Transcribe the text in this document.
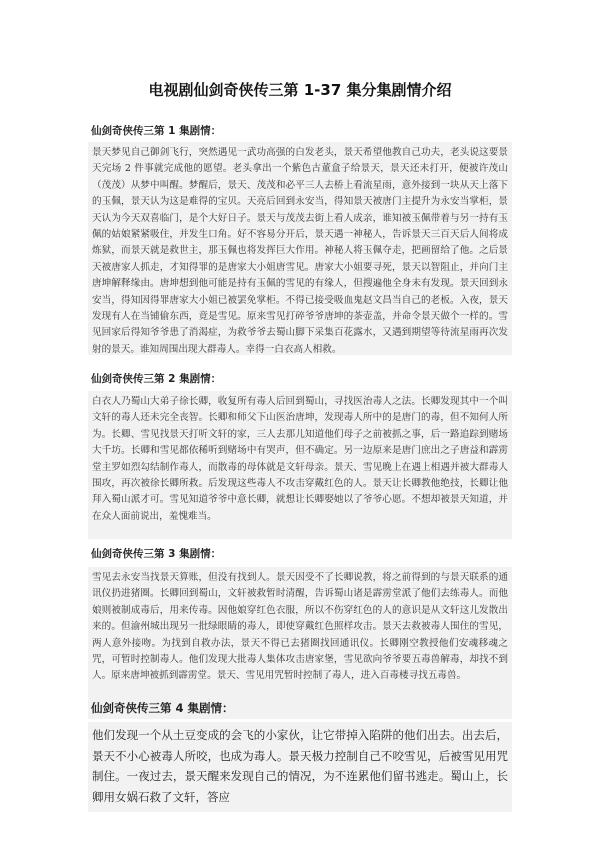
电视剧仙剑奇侠传三第 1-37 集分集剧情介绍
仙剑奇侠传三第 1 集剧情：

景天梦见自己御剑飞行，突然遇见一武功高强的白发老头，景天希望他教自己功夫，老头说这要景天完场 2 件事就完成他的愿望。老头拿出一个紫色古董盒子给景天，景天还未打开，便被许茂山（茂茂）从梦中叫醒。梦醒后，景天、茂茂和必平三人去桥上看流星雨，意外接到一块从天上落下的玉佩，景天认为这是难得的宝贝。天亮后回到永安当，得知景天被唐门主提升为永安当掌柜，景天认为今天双喜临门，是个大好日子。景天与茂茂去街上看人成亲，谁知被玉佩带着与另一持有玉佩的姑娘紧紧吸住，并发生口角。好不容易分开后，景天遇一神秘人，告诉景天三百天后人间将成炼狱，而景天就是救世主，那玉佩也将发挥巨大作用。神秘人将玉佩夺走，把画留给了他。之后景天被唐家人抓走，才知得罪的是唐家大小姐唐雪见。唐家大小姐要寻死，景天以智阻止，并向门主唐坤解释缘由。唐坤想到他可能是持有玉佩的雪见的有缘人，但搜遍他全身未有发现。景天回到永安当，得知因得罪唐家大小姐已被罢免掌柜。不得已接受吸血鬼赵文昌当自己的老板。入夜，景天发现有人在当铺偷东西，竟是雪见。原来雪见打碎爷爷唐坤的茶壶盖，并命令景天做个一样的。雪见回家后得知爷爷患了消渴症，为救爷爷去蜀山脚下采集百花露水，又遇到期望等待流星雨再次发射的景天。谁知周围出现大群毒人。幸得一白衣高人相救。

仙剑奇侠传三第 2 集剧情：

白衣人乃蜀山大弟子徐长卿，收复所有毒人后回到蜀山，寻找医治毒人之法。长卿发现其中一个叫文轩的毒人还未完全丧智。长卿和师父下山医治唐坤，发现毒人所中的是唐门的毒，但不知何人所为。长卿、雪见找景天打听文轩的家，三人去那儿知道他们母子之前被抓之事，后一路追踪到赌场大千坊。长卿和雪见都依稀听到赌场中有哭声，但不确定。另一边原来是唐门庶出之子唐益和霹雳堂主罗如烈勾结制作毒人，而散毒的母体就是文轩母亲。景天、雪见晚上在遇上相遇并被大群毒人围攻，再次被徐长卿所救。后发现这些毒人不攻击穿戴红色的人。景天让长卿教他绝技，长卿让他拜入蜀山派才可。雪见知道爷爷中意长卿，就想让长卿娶她以了爷爷心愿。不想却被景天知道，并在众人面前说出，羞愧难当。

仙剑奇侠传三第 3 集剧情：

雪见去永安当找景天算账，但没有找到人。景天因受不了长卿说教，将之前得到的与景天联系的通讯仪扔进猪圈。长卿回到蜀山，文轩被救暂时清醒，告诉蜀山诸是霹雳堂派了他们去练毒人。而他娘则被制成毒后，用来传毒。因他娘穿红色衣服，所以不伤穿红色的人的意识是从文轩这儿发散出来的。但渝州城出现另一批绿眼睛的毒人，即使穿戴红色照样攻击。景天去救被毒人围住的雪见，两人意外接吻。为找到自救办法，景天不得已去猪圈找回通讯仪。长卿刚空教授他们安魂移魂之咒，可暂时控制毒人。他们发现大批毒人集体攻击唐家堡，雪见欲向爷爷要五毒兽解毒，却找不到人。原来唐坤被抓到霹雳堂。景天、雪见用咒暂时控制了毒人，进入百毒楼寻找五毒兽。

仙剑奇侠传三第 4 集剧情：

他们发现一个从土豆变成的会飞的小家伙，让它带掉入陷阱的他们出去。出去后，景天不小心被毒人所咬，也成为毒人。景天极力控制自己不咬雪见，后被雪见用咒制住。一夜过去，景天醒来发现自己的情况，为不连累他们留书逃走。蜀山上，长卿用女娲石救了文轩，答应
